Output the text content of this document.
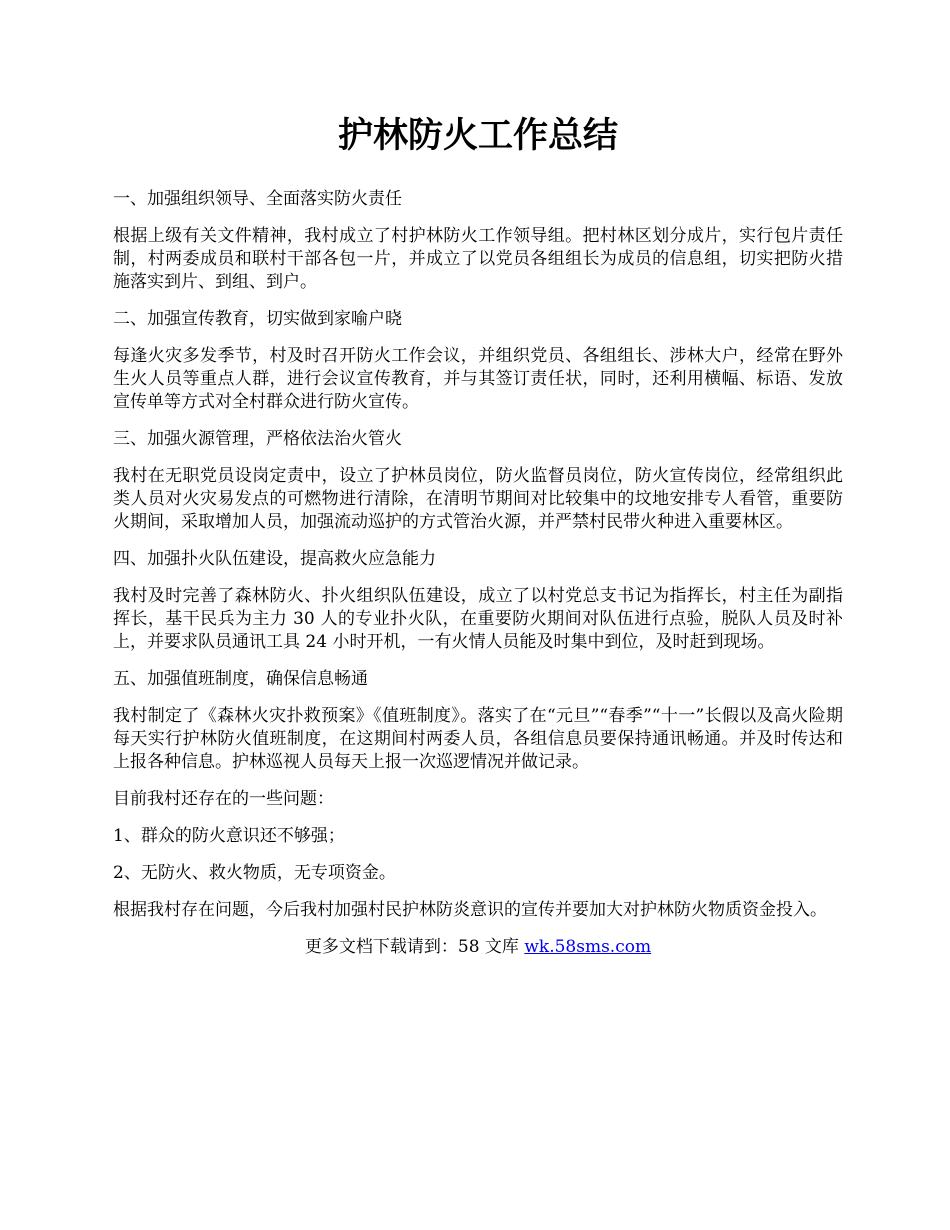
护林防火工作总结
一、加强组织领导、全面落实防火责任
根据上级有关文件精神，我村成立了村护林防火工作领导组。把村林区划分成片，实行包片责任制，村两委成员和联村干部各包一片，并成立了以党员各组组长为成员的信息组，切实把防火措施落实到片、到组、到户。
二、加强宣传教育，切实做到家喻户晓
每逢火灾多发季节，村及时召开防火工作会议，并组织党员、各组组长、涉林大户，经常在野外生火人员等重点人群，进行会议宣传教育，并与其签订责任状，同时，还利用横幅、标语、发放宣传单等方式对全村群众进行防火宣传。
三、加强火源管理，严格依法治火管火
我村在无职党员设岗定责中，设立了护林员岗位，防火监督员岗位，防火宣传岗位，经常组织此类人员对火灾易发点的可燃物进行清除，在清明节期间对比较集中的坟地安排专人看管，重要防火期间，采取增加人员，加强流动巡护的方式管治火源，并严禁村民带火种进入重要林区。
四、加强扑火队伍建设，提高救火应急能力
我村及时完善了森林防火、扑火组织队伍建设，成立了以村党总支书记为指挥长，村主任为副指挥长，基干民兵为主力 30 人的专业扑火队，在重要防火期间对队伍进行点验，脱队人员及时补上，并要求队员通讯工具 24 小时开机，一有火情人员能及时集中到位，及时赶到现场。
五、加强值班制度，确保信息畅通
我村制定了《森林火灾扑救预案》《值班制度》。落实了在“元旦”“春季”“十一”长假以及高火险期每天实行护林防火值班制度，在这期间村两委人员，各组信息员要保持通讯畅通。并及时传达和上报各种信息。护林巡视人员每天上报一次巡逻情况并做记录。
目前我村还存在的一些问题：
1、群众的防火意识还不够强；
2、无防火、救火物质，无专项资金。
根据我村存在问题，今后我村加强村民护林防炎意识的宣传并要加大对护林防火物质资金投入。
更多文档下载请到：58 文库 wk.58sms.com
